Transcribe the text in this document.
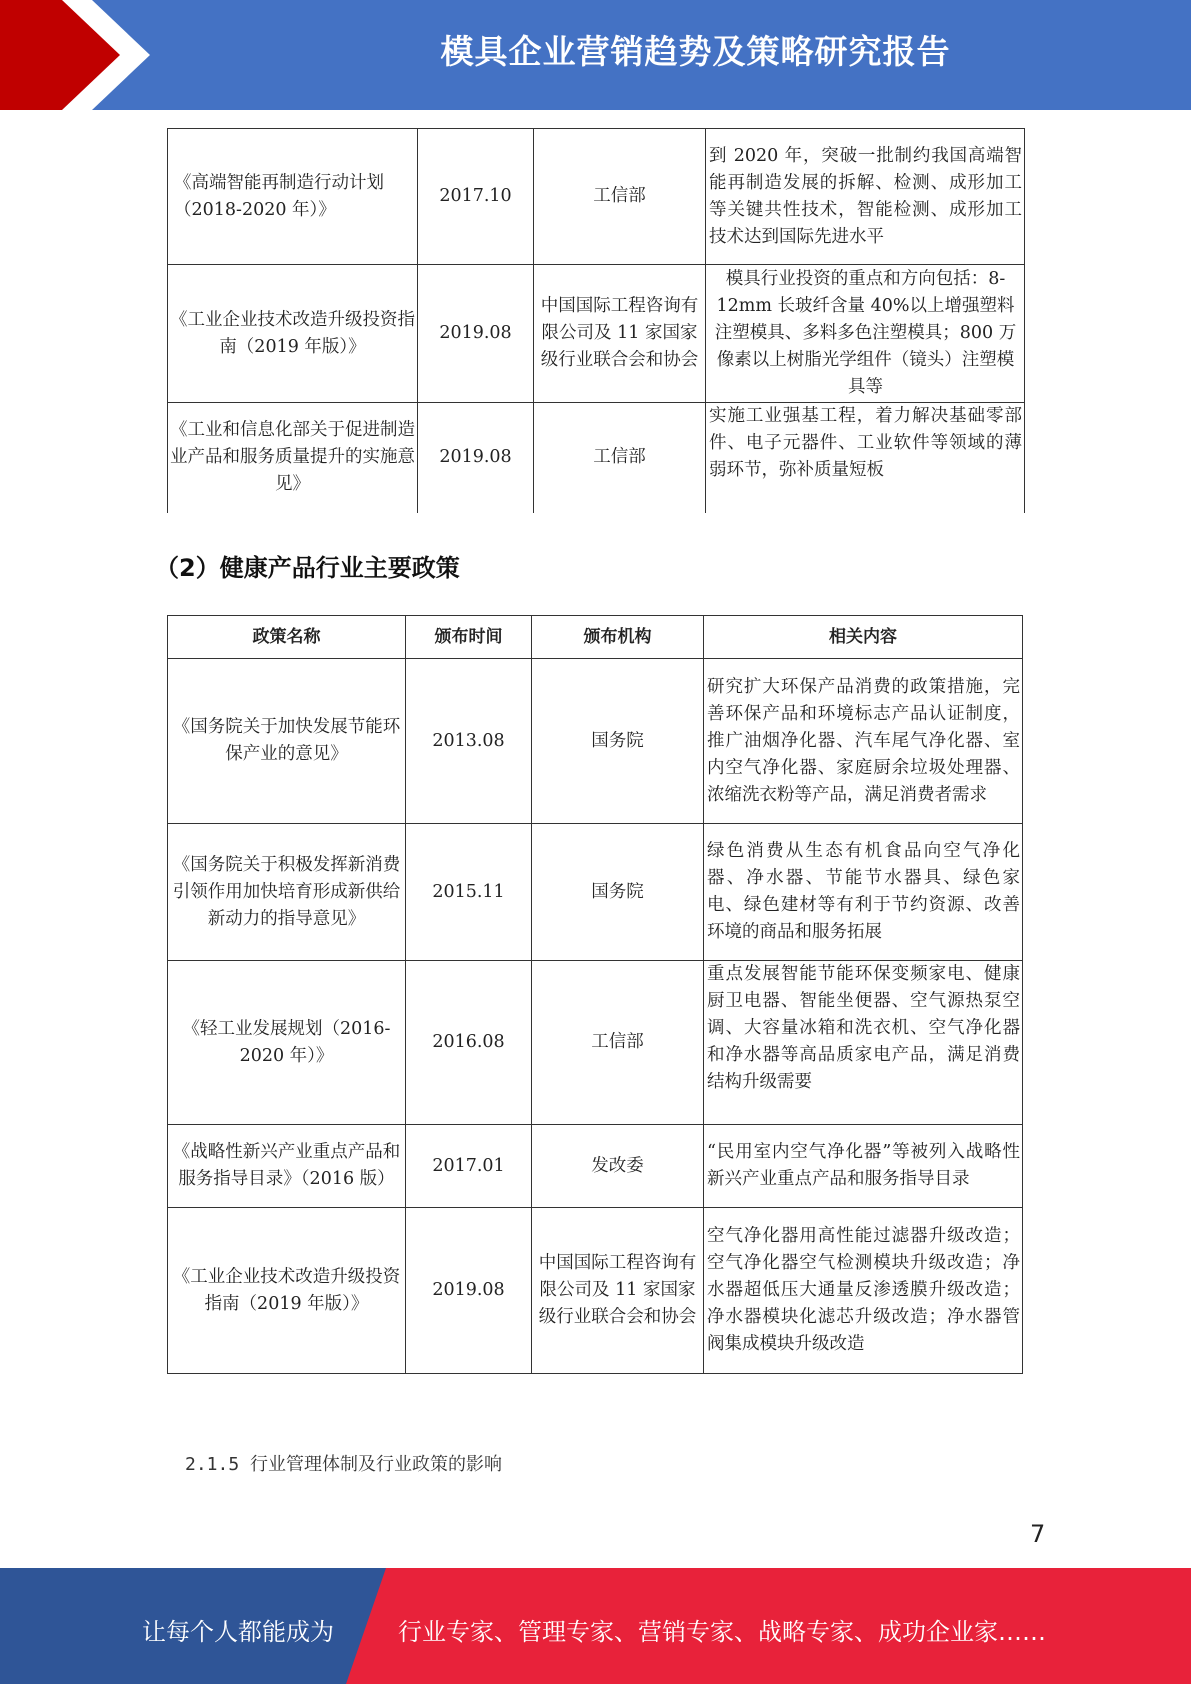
模具企业营销趋势及策略研究报告
《高端智能再制造行动计划（2018-2020 年）》	2017.10	工信部	到 2020 年，突破一批制约我国高端智能再制造发展的拆解、检测、成形加工等关键共性技术，智能检测、成形加工技术达到国际先进水平
《工业企业技术改造升级投资指南（2019 年版）》	2019.08	中国国际工程咨询有限公司及 11 家国家级行业联合会和协会	模具行业投资的重点和方向包括：8-12mm 长玻纤含量 40%以上增强塑料注塑模具、多料多色注塑模具；800 万像素以上树脂光学组件（镜头）注塑模具等
《工业和信息化部关于促进制造业产品和服务质量提升的实施意见》	2019.08	工信部	实施工业强基工程，着力解决基础零部件、电子元器件、工业软件等领域的薄弱环节，弥补质量短板
（2）健康产品行业主要政策
政策名称	颁布时间	颁布机构	相关内容
《国务院关于加快发展节能环保产业的意见》	2013.08	国务院	研究扩大环保产品消费的政策措施，完善环保产品和环境标志产品认证制度，推广油烟净化器、汽车尾气净化器、室内空气净化器、家庭厨余垃圾处理器、浓缩洗衣粉等产品，满足消费者需求
《国务院关于积极发挥新消费引领作用加快培育形成新供给新动力的指导意见》	2015.11	国务院	绿色消费从生态有机食品向空气净化器、净水器、节能节水器具、绿色家电、绿色建材等有利于节约资源、改善环境的商品和服务拓展
《轻工业发展规划（2016-2020 年）》	2016.08	工信部	重点发展智能节能环保变频家电、健康厨卫电器、智能坐便器、空气源热泵空调、大容量冰箱和洗衣机、空气净化器和净水器等高品质家电产品，满足消费结构升级需要
《战略性新兴产业重点产品和服务指导目录》（2016 版）	2017.01	发改委	“民用室内空气净化器”等被列入战略性新兴产业重点产品和服务指导目录
《工业企业技术改造升级投资指南（2019 年版）》	2019.08	中国国际工程咨询有限公司及 11 家国家级行业联合会和协会	空气净化器用高性能过滤器升级改造；空气净化器空气检测模块升级改造；净水器超低压大通量反渗透膜升级改造；净水器模块化滤芯升级改造；净水器管阀集成模块升级改造
2.1.5 行业管理体制及行业政策的影响
7
让每个人都能成为	行业专家、管理专家、营销专家、战略专家、成功企业家……
